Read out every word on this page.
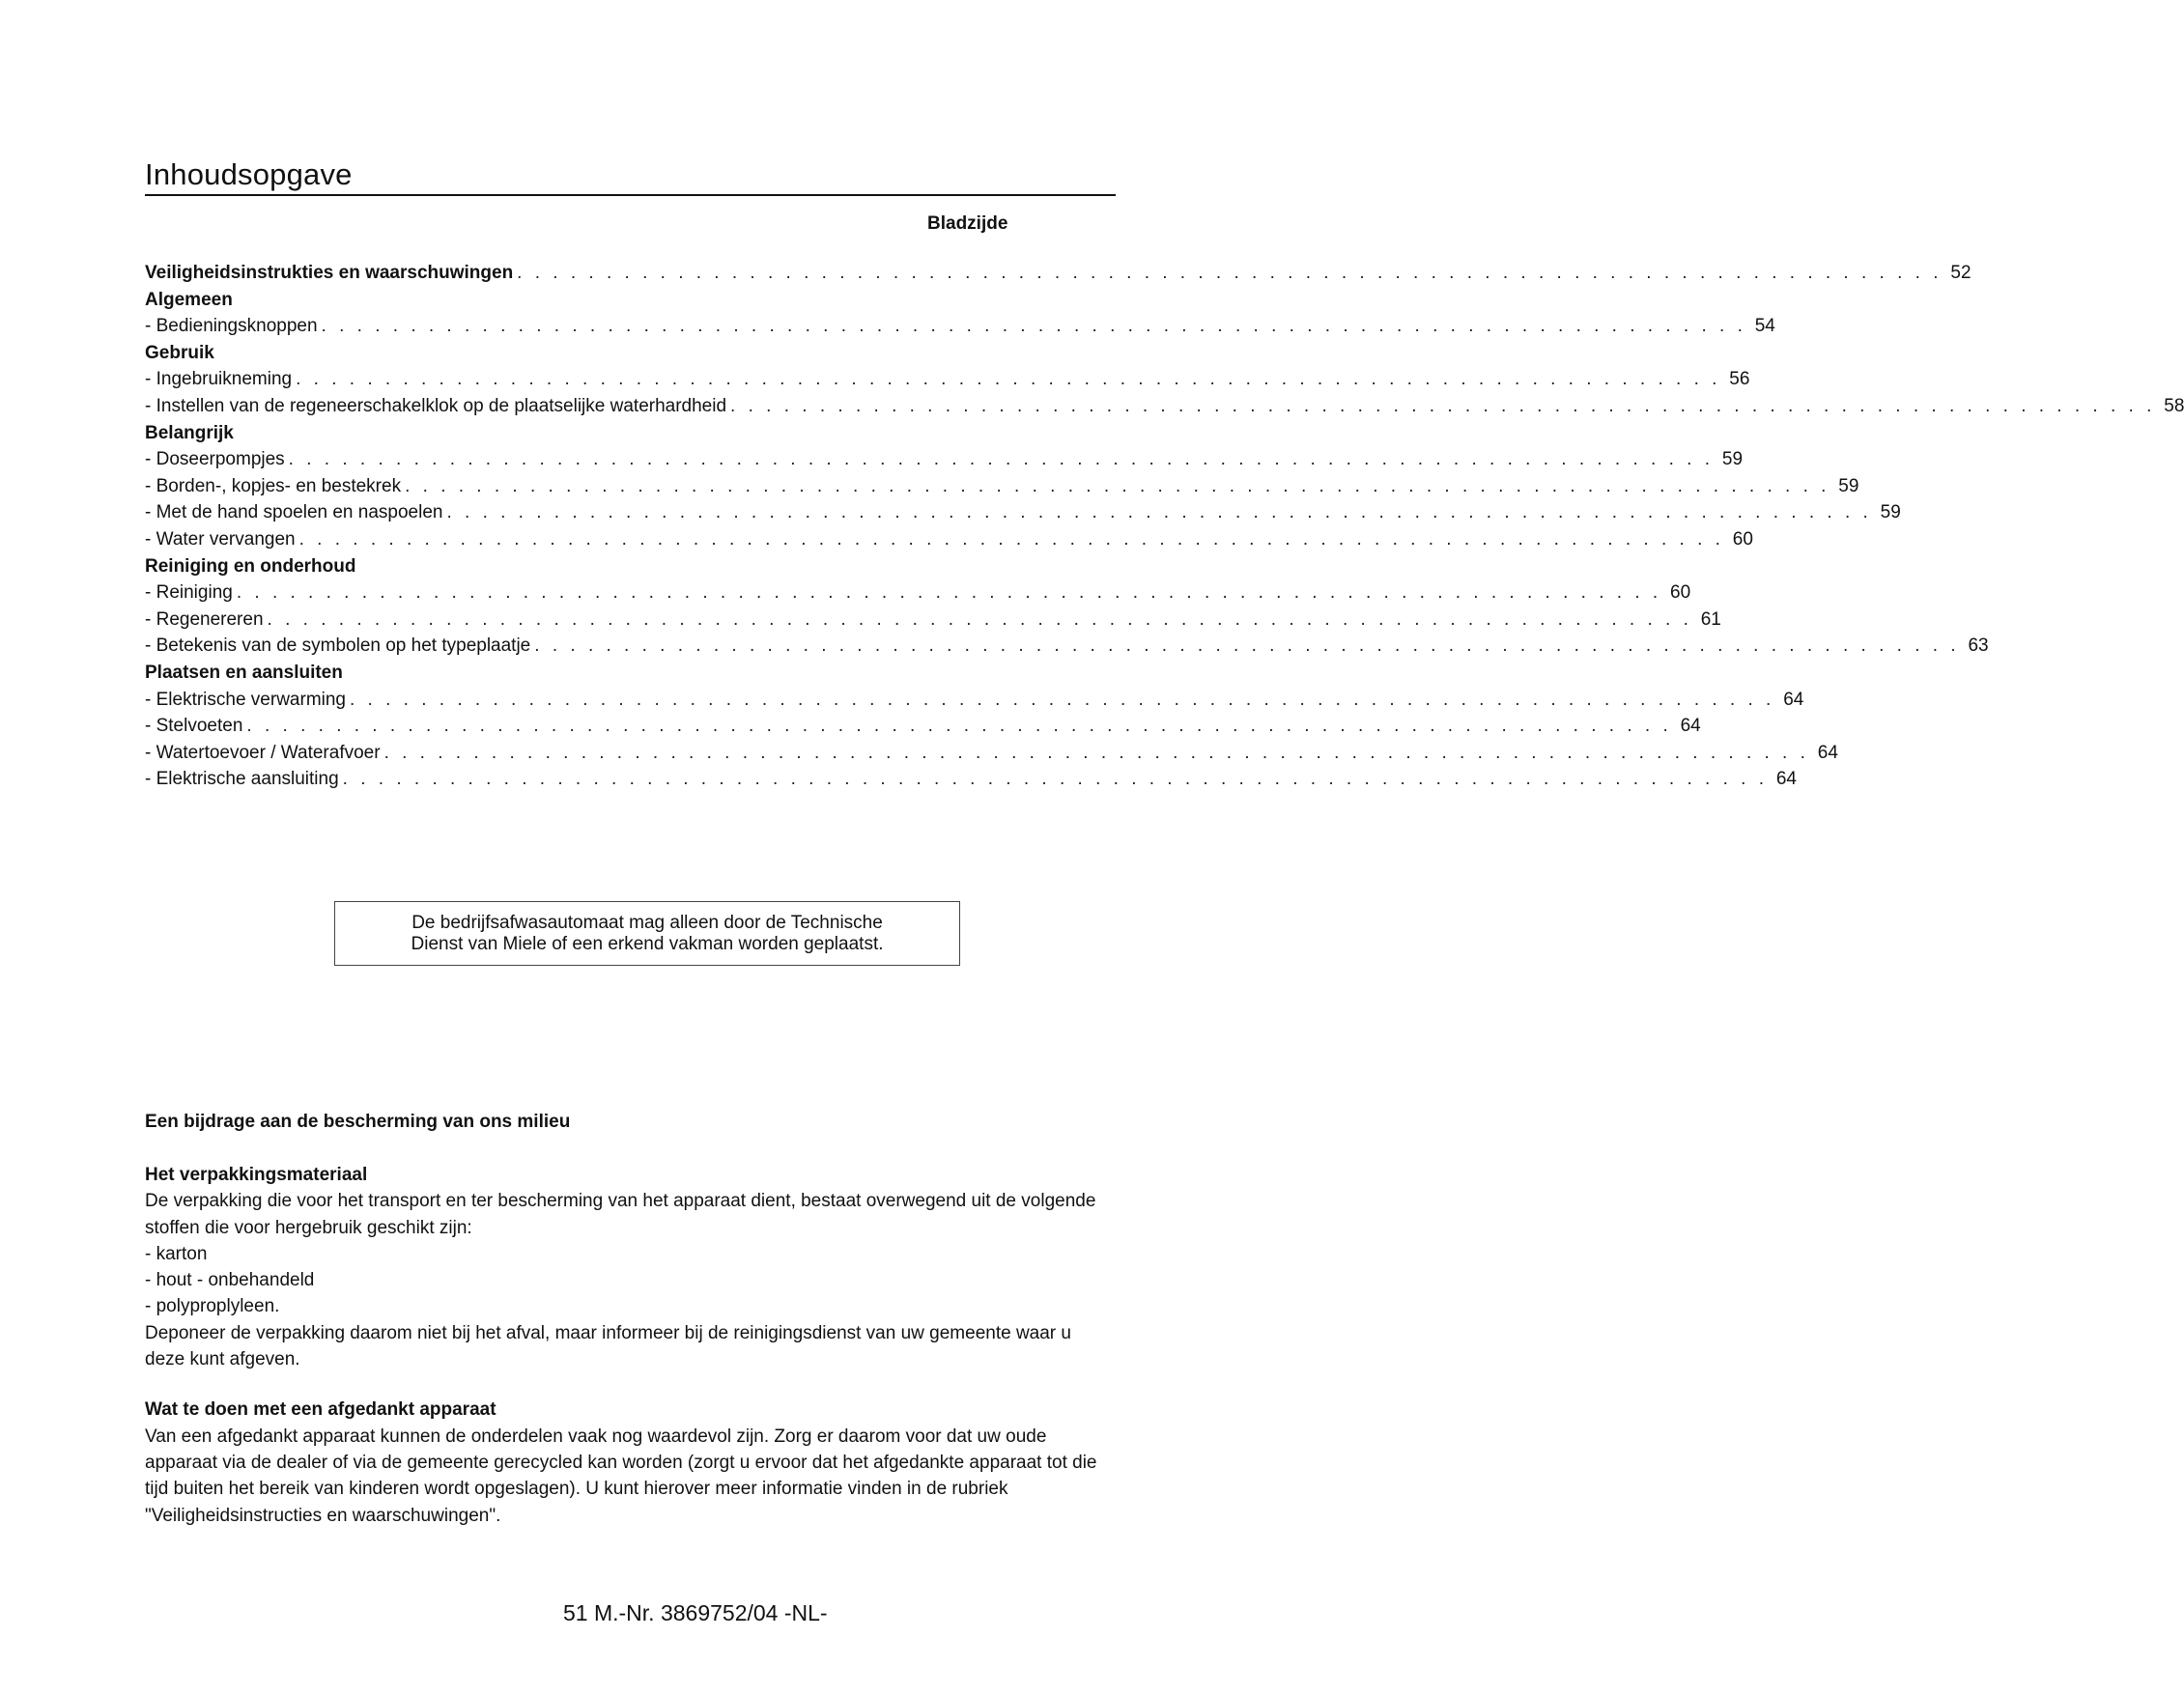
Inhoudsopgave
Bladzijde
Veiligheidsinstrukties en waarschuwingen . . . . . . . . . . . . . . . . . . . . . . . . . . . . . . . . . . . . . . . . . . . . . . . . . . . . . . . . . . . . . . . . . . . . . . . . . . . . . . . . 52
Algemeen
- Bedieningsknoppen . . . . . . . . . . . . . . . . . . . . . . . . . . . . . . . . . . . . . . . . . . . . . . . . . . . . . . . . . . . . . . . . . . . . . . . . . . . . . . . . 54
Gebruik
- Ingebruikneming . . . . . . . . . . . . . . . . . . . . . . . . . . . . . . . . . . . . . . . . . . . . . . . . . . . . . . . . . . . . . . . . . . . . . . . . . . . . . . . . 56
- Instellen van de regeneerschakelklok op de plaatselijke waterhardheid . . . . . . . . . . . . . . . . . . . . . . . . . . . . . . . . . . . . . . . . . . . . . . . . . . . . . . . . . . . . . . . . . . . . . . . . . . . . . . . . 58
Belangrijk
- Doseerpompjes . . . . . . . . . . . . . . . . . . . . . . . . . . . . . . . . . . . . . . . . . . . . . . . . . . . . . . . . . . . . . . . . . . . . . . . . . . . . . . . . 59
- Borden-, kopjes- en bestekrek . . . . . . . . . . . . . . . . . . . . . . . . . . . . . . . . . . . . . . . . . . . . . . . . . . . . . . . . . . . . . . . . . . . . . . . . . . . . . . . . 59
- Met de hand spoelen en naspoelen . . . . . . . . . . . . . . . . . . . . . . . . . . . . . . . . . . . . . . . . . . . . . . . . . . . . . . . . . . . . . . . . . . . . . . . . . . . . . . . . 59
- Water vervangen . . . . . . . . . . . . . . . . . . . . . . . . . . . . . . . . . . . . . . . . . . . . . . . . . . . . . . . . . . . . . . . . . . . . . . . . . . . . . . . . 60
Reiniging en onderhoud
- Reiniging . . . . . . . . . . . . . . . . . . . . . . . . . . . . . . . . . . . . . . . . . . . . . . . . . . . . . . . . . . . . . . . . . . . . . . . . . . . . . . . . 60
- Regenereren . . . . . . . . . . . . . . . . . . . . . . . . . . . . . . . . . . . . . . . . . . . . . . . . . . . . . . . . . . . . . . . . . . . . . . . . . . . . . . . . 61
- Betekenis van de symbolen op het typeplaatje . . . . . . . . . . . . . . . . . . . . . . . . . . . . . . . . . . . . . . . . . . . . . . . . . . . . . . . . . . . . . . . . . . . . . . . . . . . . . . . . 63
Plaatsen en aansluiten
- Elektrische verwarming . . . . . . . . . . . . . . . . . . . . . . . . . . . . . . . . . . . . . . . . . . . . . . . . . . . . . . . . . . . . . . . . . . . . . . . . . . . . . . . . 64
- Stelvoeten . . . . . . . . . . . . . . . . . . . . . . . . . . . . . . . . . . . . . . . . . . . . . . . . . . . . . . . . . . . . . . . . . . . . . . . . . . . . . . . . 64
- Watertoevoer / Waterafvoer . . . . . . . . . . . . . . . . . . . . . . . . . . . . . . . . . . . . . . . . . . . . . . . . . . . . . . . . . . . . . . . . . . . . . . . . . . . . . . . . 64
- Elektrische aansluiting . . . . . . . . . . . . . . . . . . . . . . . . . . . . . . . . . . . . . . . . . . . . . . . . . . . . . . . . . . . . . . . . . . . . . . . . . . . . . . . . 64
De bedrijfsafwasautomaat mag alleen door de Technische
Dienst van Miele of een erkend vakman worden geplaatst.
Een bijdrage aan de bescherming van ons milieu
Het verpakkingsmateriaal

De verpakking die voor het transport en ter bescherming van het apparaat dient, bestaat overwegend uit de volgende stoffen die voor hergebruik geschikt zijn:

- karton

- hout - onbehandeld

- polyproplyleen.

Deponeer de verpakking daarom niet bij het afval, maar informeer bij de reinigingsdienst van uw gemeente waar u deze kunt afgeven.

Wat te doen met een afgedankt apparaat

Van een afgedankt apparaat kunnen de onderdelen vaak nog waardevol zijn. Zorg er daarom voor dat uw oude apparaat via de dealer of via de gemeente gerecycled kan worden (zorgt u ervoor dat het afgedankte apparaat tot die tijd buiten het bereik van kinderen wordt opgeslagen). U kunt hierover meer informatie vinden in de rubriek "Veiligheidsinstructies en waarschuwingen".

51 M.-Nr. 3869752/04 -NL-
